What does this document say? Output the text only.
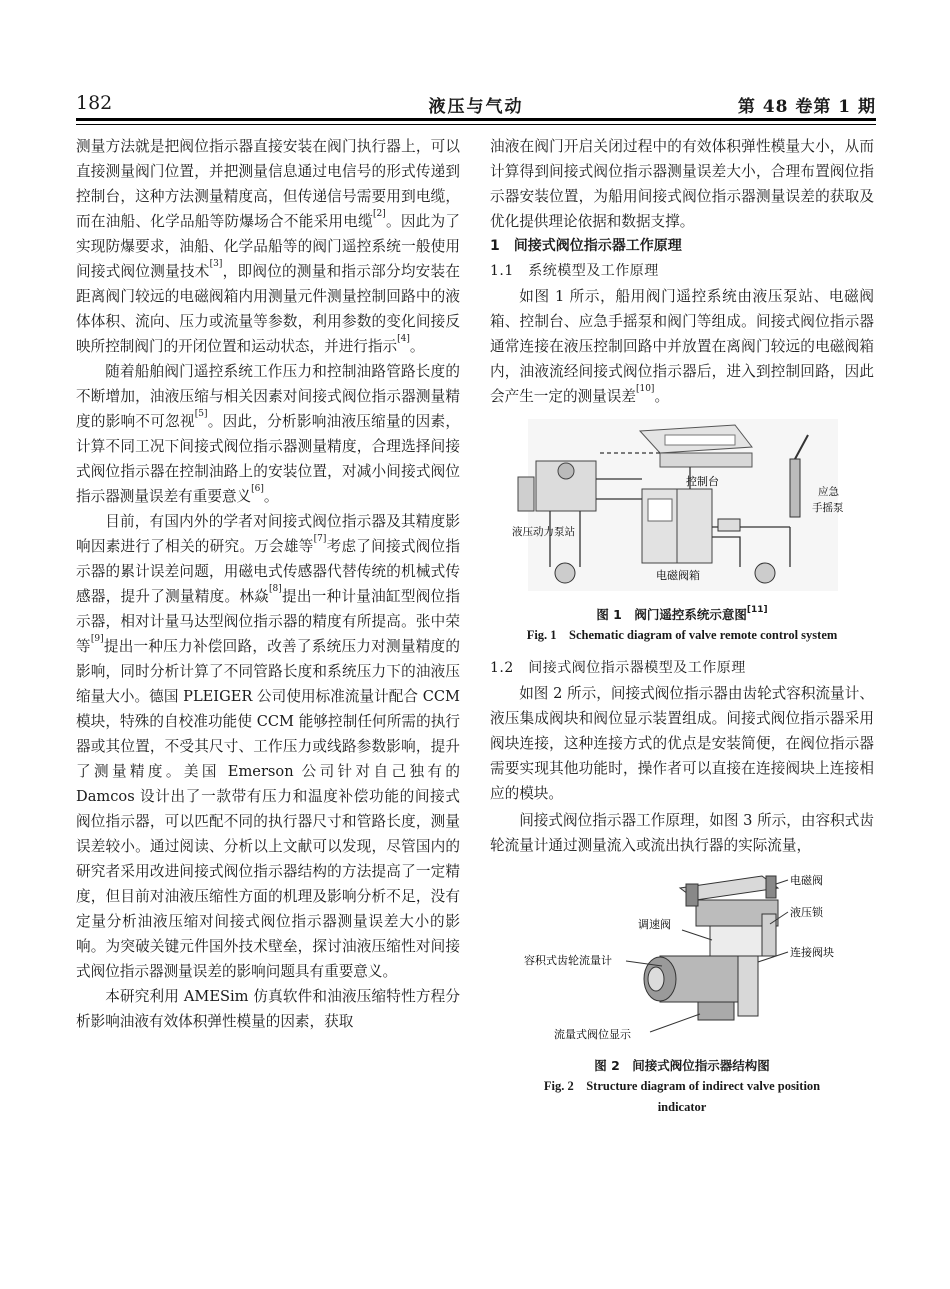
182	液压与气动	第 48 卷第 1 期

测量方法就是把阀位指示器直接安装在阀门执行器上，可以直接测量阀门位置，并把测量信息通过电信号的形式传递到控制台，这种方法测量精度高，但传递信号需要用到电缆，而在油船、化学品船等防爆场合不能采用电缆[2]。因此为了实现防爆要求，油船、化学品船等的阀门遥控系统一般使用间接式阀位测量技术[3]，即阀位的测量和指示部分均安装在距离阀门较远的电磁阀箱内用测量元件测量控制回路中的液体体积、流向、压力或流量等参数，利用参数的变化间接反映所控制阀门的开闭位置和运动状态，并进行指示[4]。

随着船舶阀门遥控系统工作压力和控制油路管路长度的不断增加，油液压缩与相关因素对间接式阀位指示器测量精度的影响不可忽视[5]。因此，分析影响油液压缩量的因素，计算不同工况下间接式阀位指示器测量精度，合理选择间接式阀位指示器在控制油路上的安装位置，对减小间接式阀位指示器测量误差有重要意义[6]。

目前，有国内外的学者对间接式阀位指示器及其精度影响因素进行了相关的研究。万会雄等[7]考虑了间接式阀位指示器的累计误差问题，用磁电式传感器代替传统的机械式传感器，提升了测量精度。林焱[8]提出一种计量油缸型阀位指示器，相对计量马达型阀位指示器的精度有所提高。张中荣等[9]提出一种压力补偿回路，改善了系统压力对测量精度的影响，同时分析计算了不同管路长度和系统压力下的油液压缩量大小。德国 PLEIGER 公司使用标准流量计配合 CCM 模块，特殊的自校准功能使 CCM 能够控制任何所需的执行器或其位置，不受其尺寸、工作压力或线路参数影响，提升了测量精度。美国 Emerson 公司针对自己独有的 Damcos 设计出了一款带有压力和温度补偿功能的间接式阀位指示器，可以匹配不同的执行器尺寸和管路长度，测量误差较小。通过阅读、分析以上文献可以发现，尽管国内的研究者采用改进间接式阀位指示器结构的方法提高了一定精度，但目前对油液压缩性方面的机理及影响分析不足，没有定量分析油液压缩对间接式阀位指示器测量误差大小的影响。为突破关键元件国外技术壁垒，探讨油液压缩性对间接式阀位指示器测量误差的影响问题具有重要意义。

本研究利用 AMESim 仿真软件和油液压缩特性方程分析影响油液有效体积弹性模量的因素，获取

油液在阀门开启关闭过程中的有效体积弹性模量大小，从而计算得到间接式阀位指示器测量误差大小，合理布置阀位指示器安装位置，为船用间接式阀位指示器测量误差的获取及优化提供理论依据和数据支撑。

1　间接式阀位指示器工作原理

1.1　系统模型及工作原理

如图 1 所示，船用阀门遥控系统由液压泵站、电磁阀箱、控制台、应急手摇泵和阀门等组成。间接式阀位指示器通常连接在液压控制回路中并放置在离阀门较远的电磁阀箱内，油液流经间接式阀位指示器后，进入到控制回路，因此会产生一定的测量误差[10]。

控制台
液压动力泵站
电磁阀箱
应急
手摇泵
图 1　阀门遥控系统示意图[11]
Fig. 1　Schematic diagram of valve remote control system

1.2　间接式阀位指示器模型及工作原理

如图 2 所示，间接式阀位指示器由齿轮式容积流量计、液压集成阀块和阀位显示装置组成。间接式阀位指示器采用阀块连接，这种连接方式的优点是安装简便，在阀位指示器需要实现其他功能时，操作者可以直接在连接阀块上连接相应的模块。

间接式阀位指示器工作原理，如图 3 所示，由容积式齿轮流量计通过测量流入或流出执行器的实际流量，

电磁阀
液压锁
调速阀
连接阀块
容积式齿轮流量计
流量式阀位显示
图 2　间接式阀位指示器结构图
Fig. 2　Structure diagram of indirect valve position indicator
